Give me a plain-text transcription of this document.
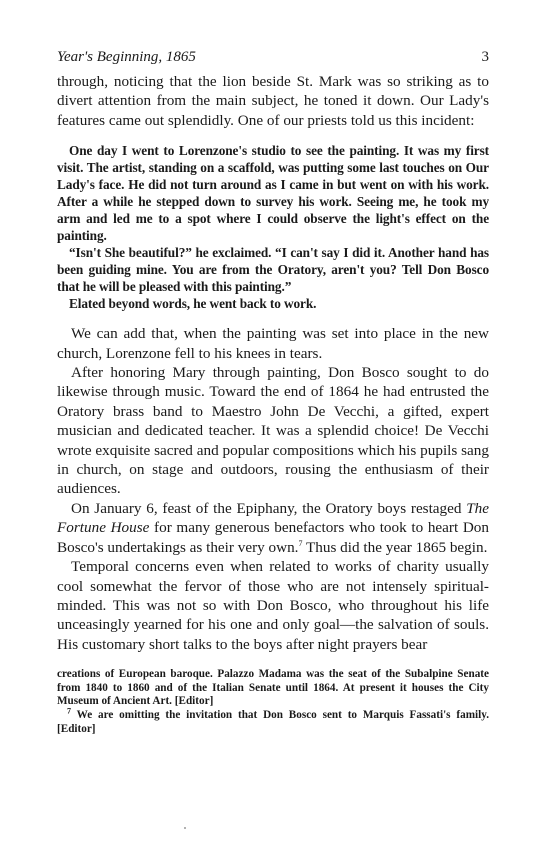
Year's Beginning, 1865	3

through, noticing that the lion beside St. Mark was so striking as to divert attention from the main subject, he toned it down. Our Lady's features came out splendidly. One of our priests told us this incident:

One day I went to Lorenzone's studio to see the painting. It was my first visit. The artist, standing on a scaffold, was putting some last touches on Our Lady's face. He did not turn around as I came in but went on with his work. After a while he stepped down to survey his work. Seeing me, he took my arm and led me to a spot where I could observe the light's effect on the painting.

“Isn't She beautiful?” he exclaimed. “I can't say I did it. Another hand has been guiding mine. You are from the Oratory, aren't you? Tell Don Bosco that he will be pleased with this painting.”

Elated beyond words, he went back to work.

We can add that, when the painting was set into place in the new church, Lorenzone fell to his knees in tears.

After honoring Mary through painting, Don Bosco sought to do likewise through music. Toward the end of 1864 he had entrusted the Oratory brass band to Maestro John De Vecchi, a gifted, expert musician and dedicated teacher. It was a splendid choice! De Vecchi wrote exquisite sacred and popular compositions which his pupils sang in church, on stage and outdoors, rousing the enthusiasm of their audiences.

On January 6, feast of the Epiphany, the Oratory boys restaged The Fortune House for many generous benefactors who took to heart Don Bosco's undertakings as their very own.$^7$ Thus did the year 1865 begin.

Temporal concerns even when related to works of charity usually cool somewhat the fervor of those who are not intensely spiritual-minded. This was not so with Don Bosco, who throughout his life unceasingly yearned for his one and only goal—the salvation of souls. His customary short talks to the boys after night prayers bear

creations of European baroque. Palazzo Madama was the seat of the Subalpine Senate from 1840 to 1860 and of the Italian Senate until 1864. At present it houses the City Museum of Ancient Art. [Editor]

$^7$ We are omitting the invitation that Don Bosco sent to Marquis Fassati's family. [Editor]
